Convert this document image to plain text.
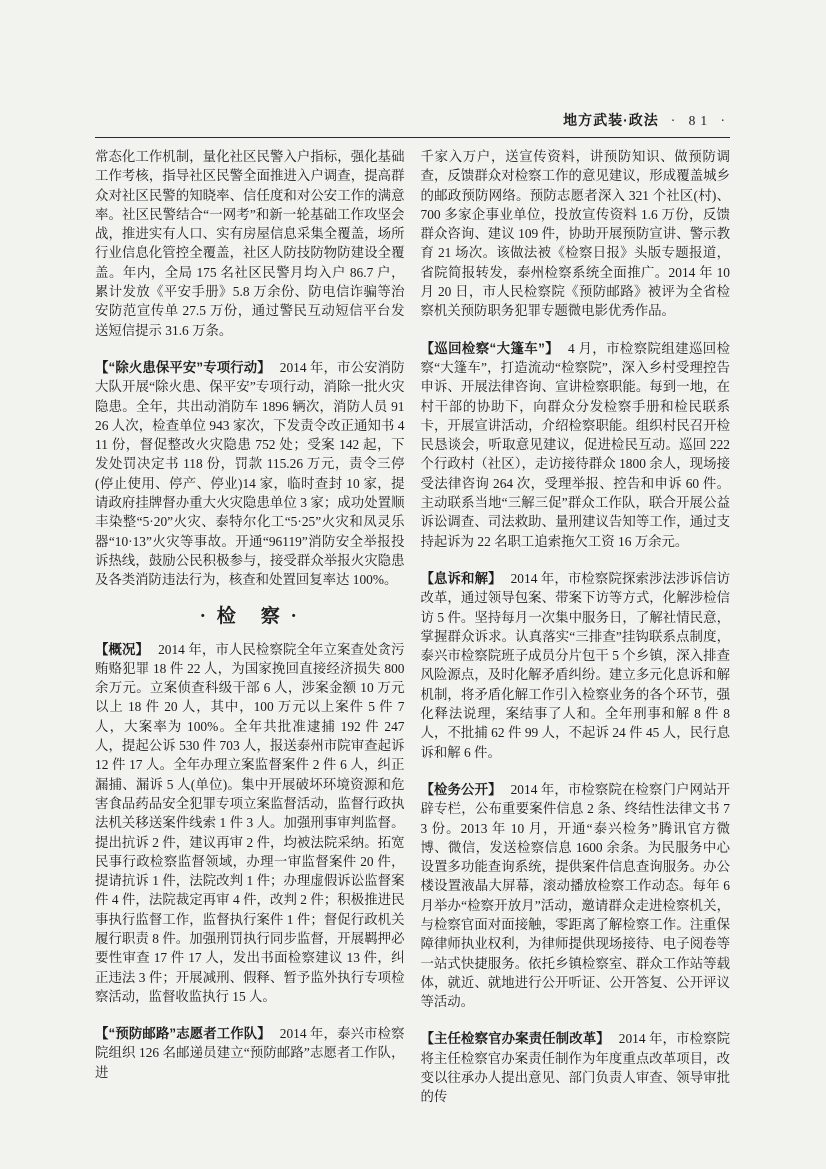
地方武装·政法 · 81 ·

常态化工作机制，量化社区民警入户指标，强化基础工作考核，指导社区民警全面推进入户调查，提高群众对社区民警的知晓率、信任度和对公安工作的满意率。社区民警结合“一网考”和新一轮基础工作攻坚会战，推进实有人口、实有房屋信息采集全覆盖，场所行业信息化管控全覆盖，社区人防技防物防建设全覆盖。年内，全局 175 名社区民警月均入户 86.7 户，累计发放《平安手册》5.8 万余份、防电信诈骗等治安防范宣传单 27.5 万份，通过警民互动短信平台发送短信提示 31.6 万条。

【“除火患保平安”专项行动】 2014 年，市公安消防大队开展“除火患、保平安”专项行动，消除一批火灾隐患。全年，共出动消防车 1896 辆次，消防人员 9126 人次，检查单位 943 家次，下发责令改正通知书 411 份，督促整改火灾隐患 752 处；受案 142 起，下发处罚决定书 118 份，罚款 115.26 万元，责令三停(停止使用、停产、停业)14 家，临时查封 10 家，提请政府挂牌督办重大火灾隐患单位 3 家；成功处置顺丰染整“5·20”火灾、泰特尔化工“5·25”火灾和凤灵乐器“10·13”火灾等事故。开通“96119”消防安全举报投诉热线，鼓励公民积极参与，接受群众举报火灾隐患及各类消防违法行为，核查和处置回复率达 100%。

· 检　察 ·

【概况】 2014 年，市人民检察院全年立案查处贪污贿赂犯罪 18 件 22 人，为国家挽回直接经济损失 800 余万元。立案侦查科级干部 6 人，涉案金额 10 万元以上 18 件 20 人，其中，100 万元以上案件 5 件 7 人，大案率为 100%。全年共批准逮捕 192 件 247 人，提起公诉 530 件 703 人，报送泰州市院审查起诉 12 件 17 人。全年办理立案监督案件 2 件 6 人，纠正漏捕、漏诉 5 人(单位)。集中开展破坏环境资源和危害食品药品安全犯罪专项立案监督活动，监督行政执法机关移送案件线索 1 件 3 人。加强刑事审判监督。提出抗诉 2 件，建议再审 2 件，均被法院采纳。拓宽民事行政检察监督领域，办理一审监督案件 20 件，提请抗诉 1 件，法院改判 1 件；办理虚假诉讼监督案件 4 件，法院裁定再审 4 件，改判 2 件；积极推进民事执行监督工作，监督执行案件 1 件；督促行政机关履行职责 8 件。加强刑罚执行同步监督，开展羁押必要性审查 17 件 17 人，发出书面检察建议 13 件，纠正违法 3 件；开展减刑、假释、暂予监外执行专项检察活动，监督收监执行 15 人。

【“预防邮路”志愿者工作队】 2014 年，泰兴市检察院组织 126 名邮递员建立“预防邮路”志愿者工作队，进

千家入万户，送宣传资料，讲预防知识、做预防调查，反馈群众对检察工作的意见建议，形成覆盖城乡的邮政预防网络。预防志愿者深入 321 个社区(村)、700 多家企事业单位，投放宣传资料 1.6 万份，反馈群众咨询、建议 109 件，协助开展预防宣讲、警示教育 21 场次。该做法被《检察日报》头版专题报道，省院简报转发，泰州检察系统全面推广。2014 年 10 月 20 日，市人民检察院《预防邮路》被评为全省检察机关预防职务犯罪专题微电影优秀作品。

【巡回检察“大篷车”】 4 月，市检察院组建巡回检察“大篷车”，打造流动“检察院”，深入乡村受理控告申诉、开展法律咨询、宣讲检察职能。每到一地，在村干部的协助下，向群众分发检察手册和检民联系卡，开展宣讲活动，介绍检察职能。组织村民召开检民恳谈会，听取意见建议，促进检民互动。巡回 222 个行政村（社区），走访接待群众 1800 余人，现场接受法律咨询 264 次，受理举报、控告和申诉 60 件。主动联系当地“三解三促”群众工作队，联合开展公益诉讼调查、司法救助、量刑建议告知等工作，通过支持起诉为 22 名职工追索拖欠工资 16 万余元。

【息诉和解】 2014 年，市检察院探索涉法涉诉信访改革，通过领导包案、带案下访等方式，化解涉检信访 5 件。坚持每月一次集中服务日，了解社情民意，掌握群众诉求。认真落实“三排查”挂钩联系点制度，泰兴市检察院班子成员分片包干 5 个乡镇，深入排查风险源点，及时化解矛盾纠纷。建立多元化息诉和解机制，将矛盾化解工作引入检察业务的各个环节，强化释法说理，案结事了人和。全年刑事和解 8 件 8 人，不批捕 62 件 99 人，不起诉 24 件 45 人，民行息诉和解 6 件。

【检务公开】 2014 年，市检察院在检察门户网站开辟专栏，公布重要案件信息 2 条、终结性法律文书 73 份。2013 年 10 月，开通“泰兴检务”腾讯官方微博、微信，发送检察信息 1600 余条。为民服务中心设置多功能查询系统，提供案件信息查询服务。办公楼设置液晶大屏幕，滚动播放检察工作动态。每年 6 月举办“检察开放月”活动，邀请群众走进检察机关，与检察官面对面接触，零距离了解检察工作。注重保障律师执业权利，为律师提供现场接待、电子阅卷等一站式快捷服务。依托乡镇检察室、群众工作站等载体，就近、就地进行公开听证、公开答复、公开评议等活动。

【主任检察官办案责任制改革】 2014 年，市检察院将主任检察官办案责任制作为年度重点改革项目，改变以往承办人提出意见、部门负责人审查、领导审批的传
